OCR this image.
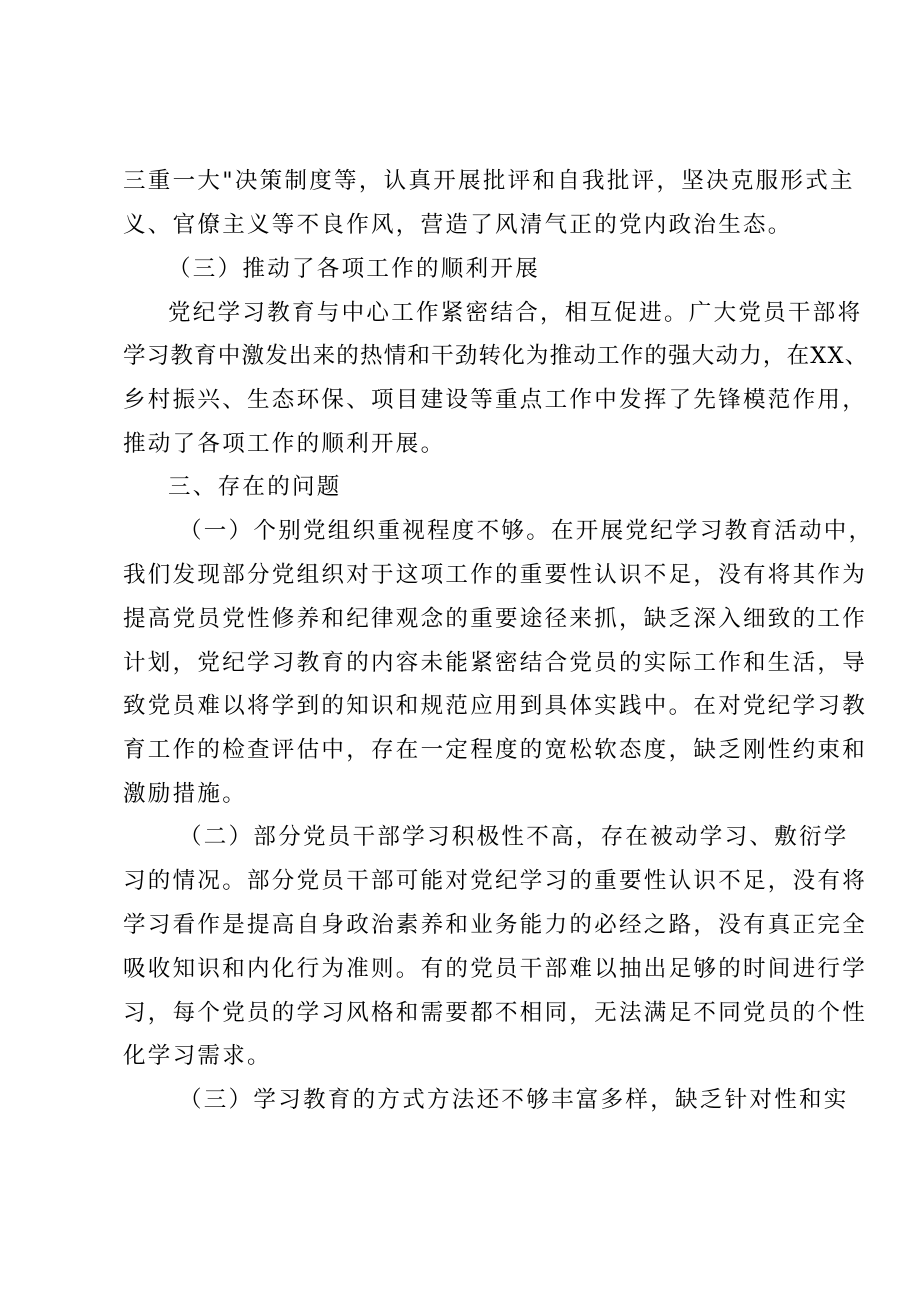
三重一大"决策制度等，认真开展批评和自我批评，坚决克服形式主
义、官僚主义等不良作风，营造了风清气正的党内政治生态。
（三）推动了各项工作的顺利开展
党纪学习教育与中心工作紧密结合，相互促进。广大党员干部将
学习教育中激发出来的热情和干劲转化为推动工作的强大动力，在XX、
乡村振兴、生态环保、项目建设等重点工作中发挥了先锋模范作用，
推动了各项工作的顺利开展。
三、存在的问题
（一）个别党组织重视程度不够。在开展党纪学习教育活动中，
我们发现部分党组织对于这项工作的重要性认识不足，没有将其作为
提高党员党性修养和纪律观念的重要途径来抓，缺乏深入细致的工作
计划，党纪学习教育的内容未能紧密结合党员的实际工作和生活，导
致党员难以将学到的知识和规范应用到具体实践中。在对党纪学习教
育工作的检查评估中，存在一定程度的宽松软态度，缺乏刚性约束和
激励措施。
（二）部分党员干部学习积极性不高，存在被动学习、敷衍学
习的情况。部分党员干部可能对党纪学习的重要性认识不足，没有将
学习看作是提高自身政治素养和业务能力的必经之路，没有真正完全
吸收知识和内化行为准则。有的党员干部难以抽出足够的时间进行学
习，每个党员的学习风格和需要都不相同，无法满足不同党员的个性
化学习需求。
（三）学习教育的方式方法还不够丰富多样，缺乏针对性和实
